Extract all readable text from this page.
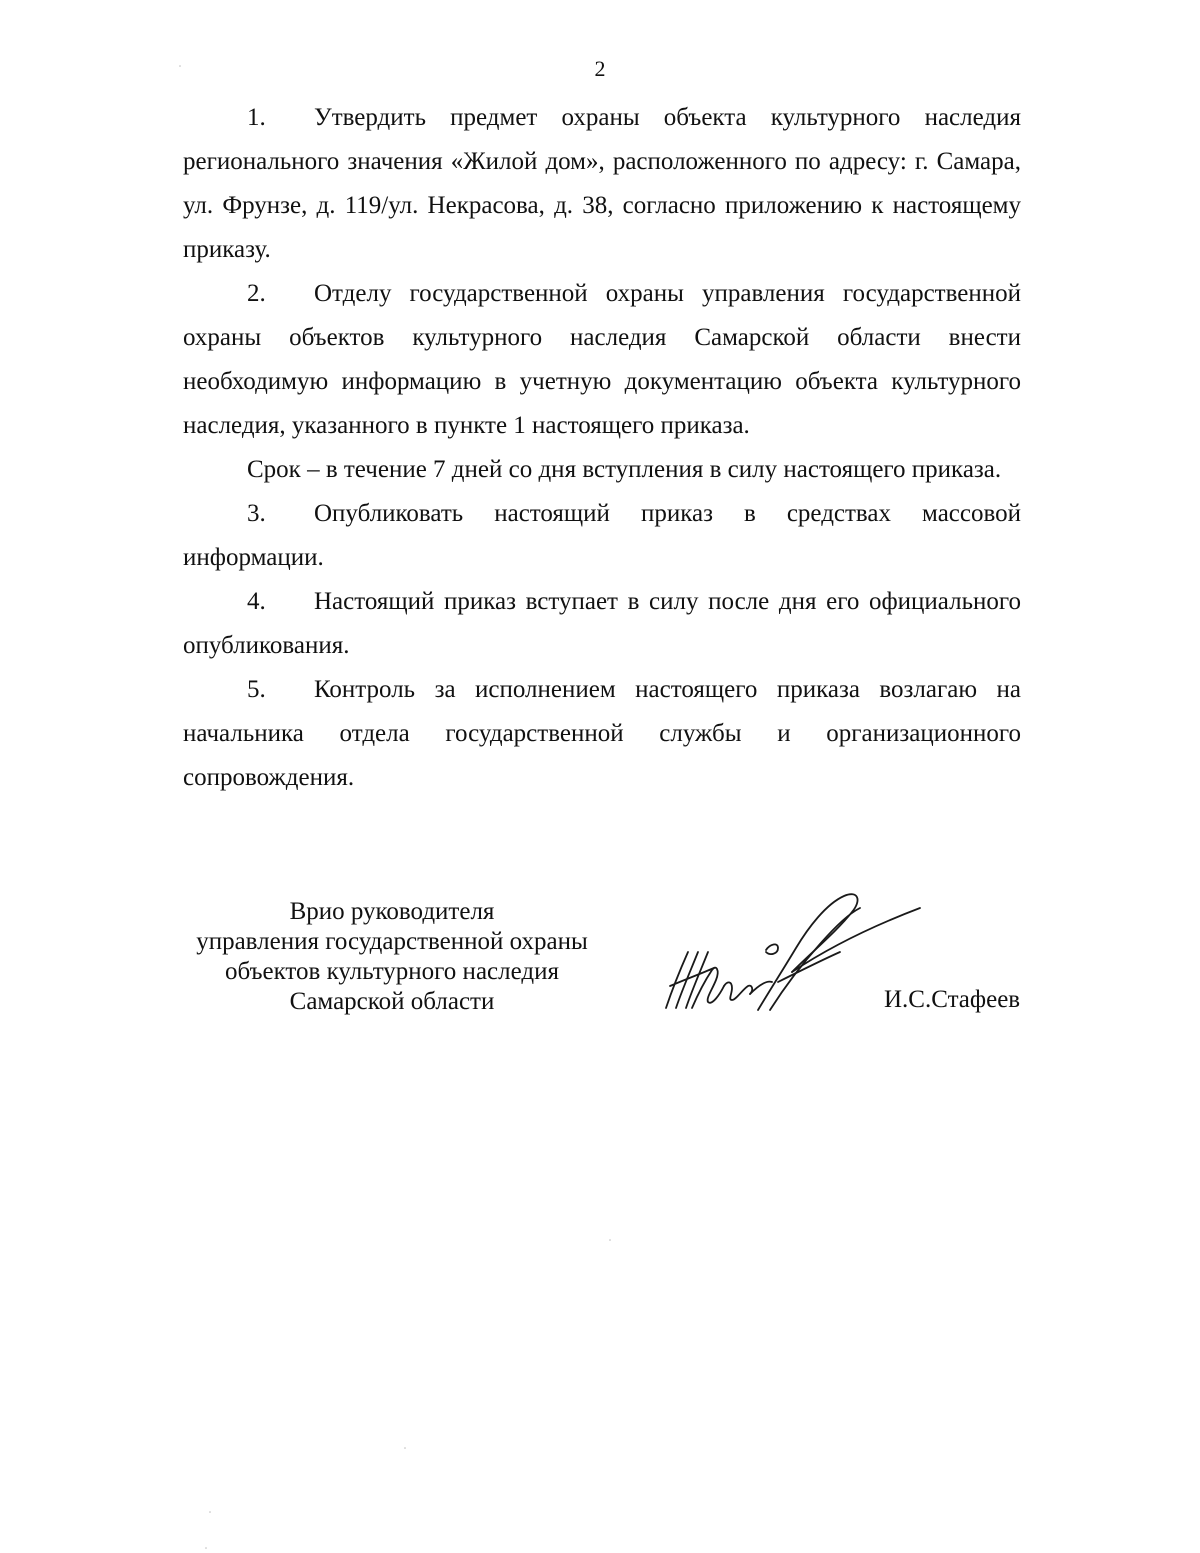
2

1. Утвердить предмет охраны объекта культурного наследия регионального значения «Жилой дом», расположенного по адресу: г. Самара, ул. Фрунзе, д. 119/ул. Некрасова, д. 38, согласно приложению к настоящему приказу.

2. Отделу государственной охраны управления государственной охраны объектов культурного наследия Самарской области внести необходимую информацию в учетную документацию объекта культурного наследия, указанного в пункте 1 настоящего приказа.

Срок – в течение 7 дней со дня вступления в силу настоящего приказа.

3. Опубликовать настоящий приказ в средствах массовой информации.

4. Настоящий приказ вступает в силу после дня его официального опубликования.

5. Контроль за исполнением настоящего приказа возлагаю на начальника отдела государственной службы и организационного сопровождения.

Врио руководителя
управления государственной охраны
объектов культурного наследия
Самарской области	И.С.Стафеев
